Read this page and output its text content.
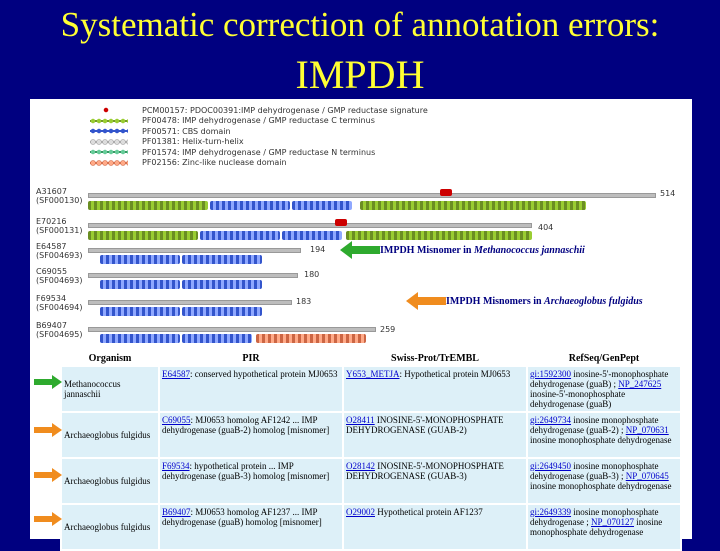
Systematic correction of annotation errors:
IMPDH
PCM00157: PDOC00391:IMP dehydrogenase / GMP reductase signature
PF00478: IMP dehydrogenase / GMP reductase C terminus
PF00571: CBS domain
PF01381: Helix-turn-helix
PF01574: IMP dehydrogenase / GMP reductase N terminus
PF02156: Zinc-like nuclease domain
A31607
(SF000130)
514
E70216
(SF000131)	404
E64587
(SF004693)
194
C69055
(SF004693)
180
F69534
(SF004694)
183
B69407
(SF004695)
259
IMPDH Misnomer in Methanococcus jannaschii
IMPDH Misnomers in Archaeoglobus fulgidus
Organism	PIR	Swiss-Prot/TrEMBL	RefSeq/GenPept
Methanococcus jannaschii	E64587: conserved hypothetical protein MJ0653	Y653_METJA: Hypothetical protein MJ0653	gi:1592300 inosine-5'-monophosphate dehydrogenase (guaB) ; NP_247625 inosine-5'-monophosphate dehydrogenase (guaB)
Archaeoglobus fulgidus	C69055: MJ0653 homolog AF1242 ... IMP dehydrogenase (guaB-2) homolog [misnomer]	O28411 INOSINE-5'-MONOPHOSPHATE DEHYDROGENASE (GUAB-2)	gi:2649734 inosine monophosphate dehydrogenase (guaB-2) ; NP_070631 inosine monophosphate dehydrogenase
Archaeoglobus fulgidus	F69534: hypothetical protein ... IMP dehydrogenase (guaB-3) homolog [misnomer]	O28142 INOSINE-5'-MONOPHOSPHATE DEHYDROGENASE (GUAB-3)	gi:2649450 inosine monophosphate dehydrogenase (guaB-3) ; NP_070645 inosine monophosphate dehydrogenase
Archaeoglobus fulgidus	B69407: MJ0653 homolog AF1237 ... IMP dehydrogenase (guaB) homolog [misnomer]	O29002 Hypothetical protein AF1237	gi:2649339 inosine monophosphate dehydrogenase ; NP_070127 inosine monophosphate dehydrogenase
